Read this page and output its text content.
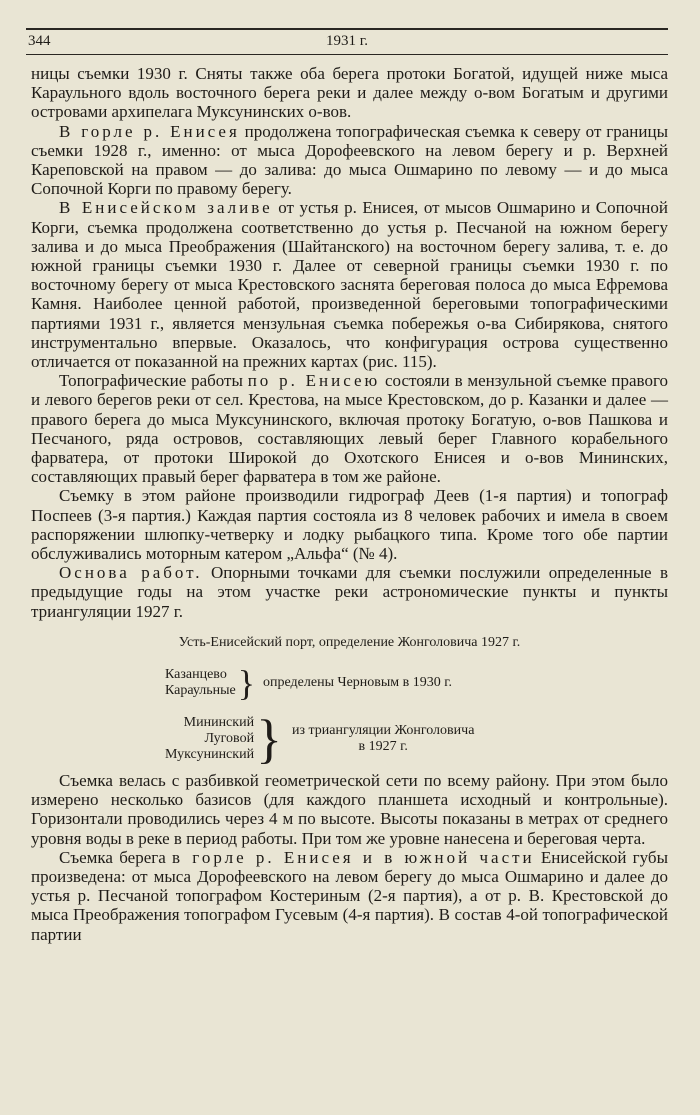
344	1931 г.

ницы съемки 1930 г. Сняты также оба берега протоки Богатой, идущей ниже мыса Караульного вдоль восточного берега реки и далее между о-вом Богатым и другими островами архипелага Муксунинских о-вов.

В горле р. Енисея продолжена топографическая съемка к северу от границы съемки 1928 г., именно: от мыса Дорофеевского на левом берегу и р. Верхней Кареповской на правом — до залива: до мыса Ошмарино по левому — и до мыса Сопочной Корги по правому берегу.

В Енисейском заливе от устья р. Енисея, от мысов Ошмарино и Сопочной Корги, съемка продолжена соответственно до устья р. Песчаной на южном берегу залива и до мыса Преображения (Шайтанского) на восточном берегу залива, т. е. до южной границы съемки 1930 г. Далее от северной границы съемки 1930 г. по восточному берегу от мыса Крестовского заснята береговая полоса до мыса Ефремова Камня. Наиболее ценной работой, произведенной береговыми топографическими партиями 1931 г., является мензульная съемка побережья о-ва Сибирякова, снятого инструментально впервые. Оказалось, что конфигурация острова существенно отличается от показанной на прежних картах (рис. 115).

Топографические работы по р. Енисею состояли в мензульной съемке правого и левого берегов реки от сел. Крестова, на мысе Крестовском, до р. Казанки и далее — правого берега до мыса Муксунинского, включая протоку Богатую, о-вов Пашкова и Песчаного, ряда островов, составляющих левый берег Главного корабельного фарватера, от протоки Широкой до Охотского Енисея и о-вов Мининских, составляющих правый берег фарватера в том же районе.

Съемку в этом районе производили гидрограф Деев (1-я партия) и топограф Поспеев (3-я партия.) Каждая партия состояла из 8 человек рабочих и имела в своем распоряжении шлюпку-четверку и лодку рыбацкого типа. Кроме того обе партии обслуживались моторным катером „Альфа“ (№ 4).

Основа работ. Опорными точками для съемки послужили определенные в предыдущие годы на этом участке реки астрономические пункты и пункты триангуляции 1927 г.

Усть-Енисейский порт, определение Жонголовича 1927 г.
Казанцево
Караульные } определены Черновым в 1930 г.
Мининский
Луговой
Муксунинский } из триангуляции Жонголовича
в 1927 г.

Съемка велась с разбивкой геометрической сети по всему району. При этом было измерено несколько базисов (для каждого планшета исходный и контрольные). Горизонтали проводились через 4 м по высоте. Высоты показаны в метрах от среднего уровня воды в реке в период работы. При том же уровне нанесена и береговая черта.

Съемка берега в горле р. Енисея и в южной части Енисейской губы произведена: от мыса Дорофеевского на левом берегу до мыса Ошмарино и далее до устья р. Песчаной топографом Костериным (2-я партия), а от р. В. Крестовской до мыса Преображения топографом Гусевым (4-я партия). В состав 4-ой топографической партии
